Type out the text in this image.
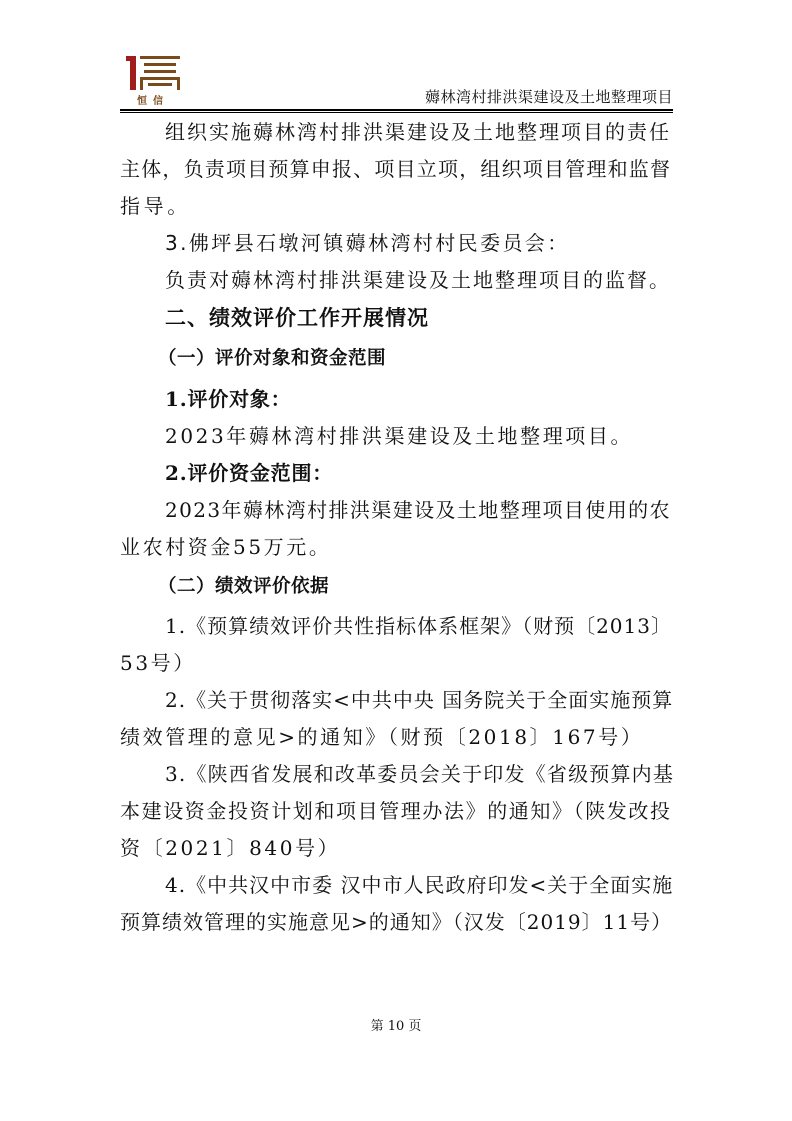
恒信	薅林湾村排洪渠建设及土地整理项目
组织实施薅林湾村排洪渠建设及土地整理项目的责任
主体，负责项目预算申报、项目立项，组织项目管理和监督
指导。
3.佛坪县石墩河镇薅林湾村村民委员会：
负责对薅林湾村排洪渠建设及土地整理项目的监督。
二、绩效评价工作开展情况
（一）评价对象和资金范围
1.评价对象：
2023年薅林湾村排洪渠建设及土地整理项目。
2.评价资金范围：
2023年薅林湾村排洪渠建设及土地整理项目使用的农
业农村资金55万元。
（二）绩效评价依据
1.《预算绩效评价共性指标体系框架》（财预〔2013〕
53号）
2.《关于贯彻落实<中共中央 国务院关于全面实施预算
绩效管理的意见>的通知》（财预〔2018〕167号）
3.《陕西省发展和改革委员会关于印发《省级预算内基
本建设资金投资计划和项目管理办法》的通知》（陕发改投
资〔2021〕840号）
4.《中共汉中市委 汉中市人民政府印发<关于全面实施
预算绩效管理的实施意见>的通知》（汉发〔2019〕11号）
第 10 页
